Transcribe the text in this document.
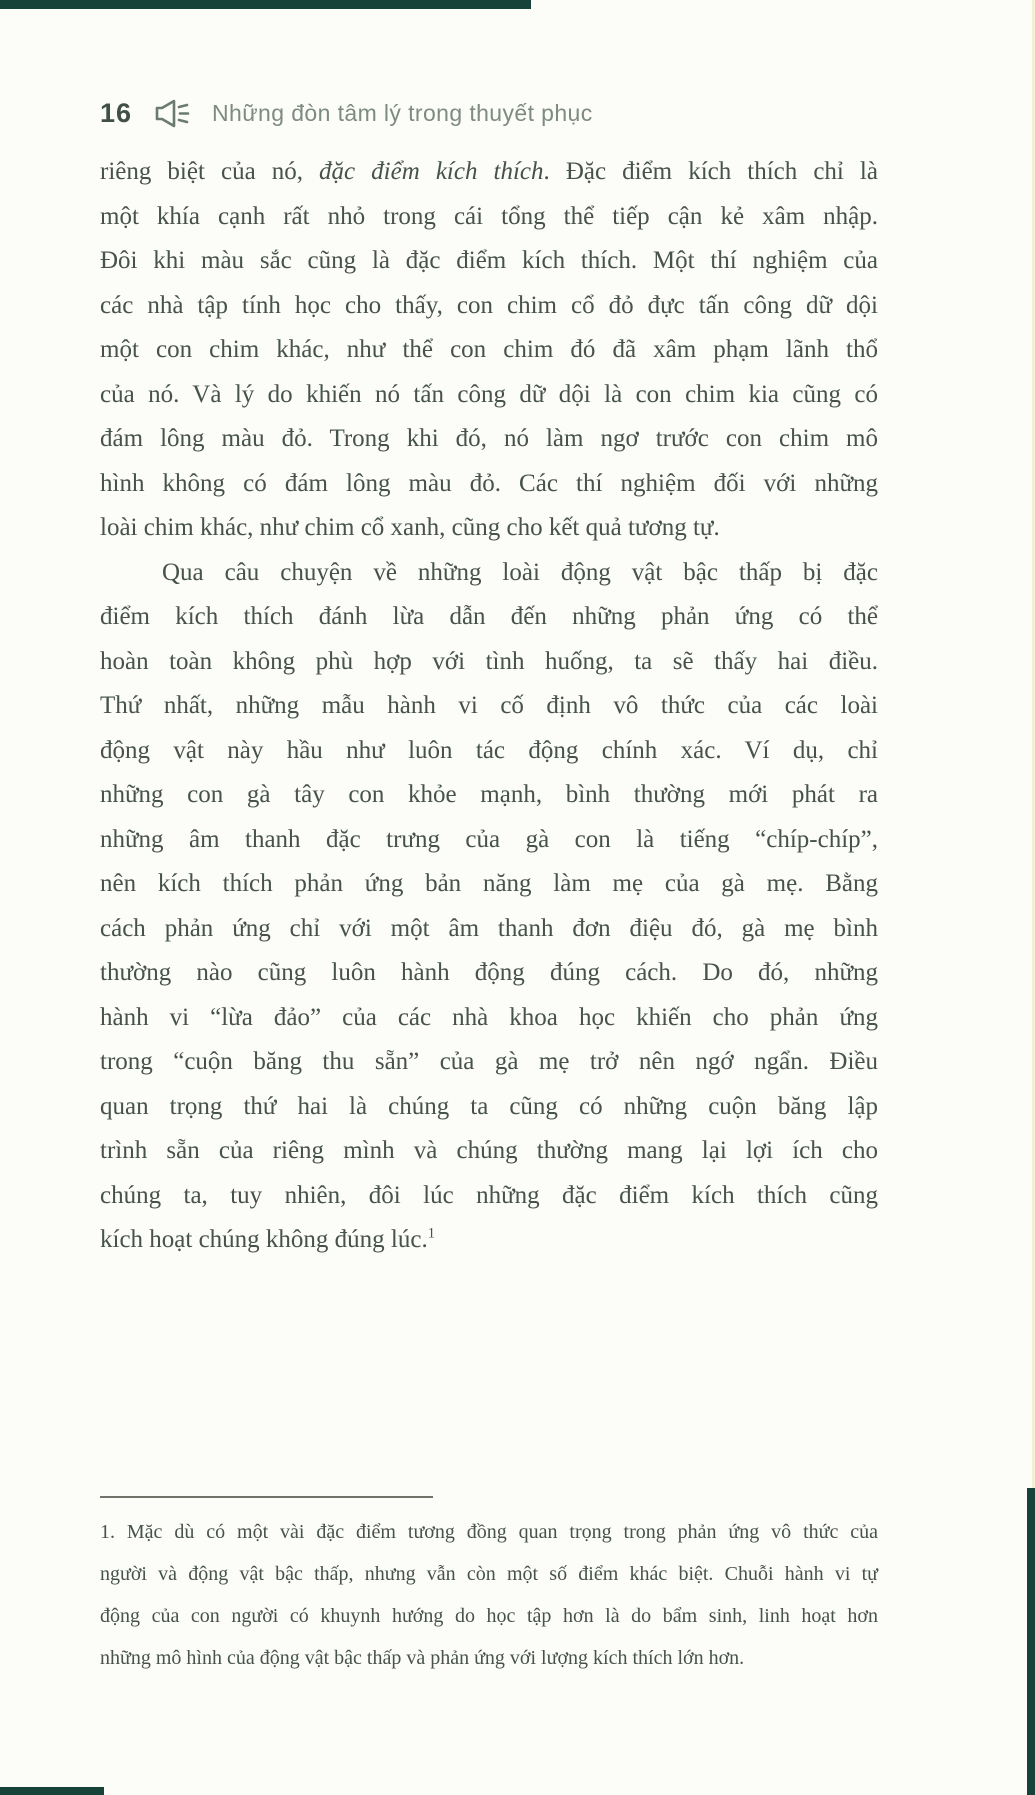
16	Những đòn tâm lý trong thuyết phục
riêng biệt của nó, đặc điểm kích thích. Đặc điểm kích thích chỉ là
một khía cạnh rất nhỏ trong cái tổng thể tiếp cận kẻ xâm nhập.
Đôi khi màu sắc cũng là đặc điểm kích thích. Một thí nghiệm của
các nhà tập tính học cho thấy, con chim cổ đỏ đực tấn công dữ dội
một con chim khác, như thể con chim đó đã xâm phạm lãnh thổ
của nó. Và lý do khiến nó tấn công dữ dội là con chim kia cũng có
đám lông màu đỏ. Trong khi đó, nó làm ngơ trước con chim mô
hình không có đám lông màu đỏ. Các thí nghiệm đối với những
loài chim khác, như chim cổ xanh, cũng cho kết quả tương tự.
Qua câu chuyện về những loài động vật bậc thấp bị đặc
điểm kích thích đánh lừa dẫn đến những phản ứng có thể
hoàn toàn không phù hợp với tình huống, ta sẽ thấy hai điều.
Thứ nhất, những mẫu hành vi cố định vô thức của các loài
động vật này hầu như luôn tác động chính xác. Ví dụ, chỉ
những con gà tây con khỏe mạnh, bình thường mới phát ra
những âm thanh đặc trưng của gà con là tiếng “chíp-chíp”,
nên kích thích phản ứng bản năng làm mẹ của gà mẹ. Bằng
cách phản ứng chỉ với một âm thanh đơn điệu đó, gà mẹ bình
thường nào cũng luôn hành động đúng cách. Do đó, những
hành vi “lừa đảo” của các nhà khoa học khiến cho phản ứng
trong “cuộn băng thu sẵn” của gà mẹ trở nên ngớ ngẩn. Điều
quan trọng thứ hai là chúng ta cũng có những cuộn băng lập
trình sẵn của riêng mình và chúng thường mang lại lợi ích cho
chúng ta, tuy nhiên, đôi lúc những đặc điểm kích thích cũng
kích hoạt chúng không đúng lúc.$^1$
1. Mặc dù có một vài đặc điểm tương đồng quan trọng trong phản ứng vô thức của
người và động vật bậc thấp, nhưng vẫn còn một số điểm khác biệt. Chuỗi hành vi tự
động của con người có khuynh hướng do học tập hơn là do bẩm sinh, linh hoạt hơn
những mô hình của động vật bậc thấp và phản ứng với lượng kích thích lớn hơn.
